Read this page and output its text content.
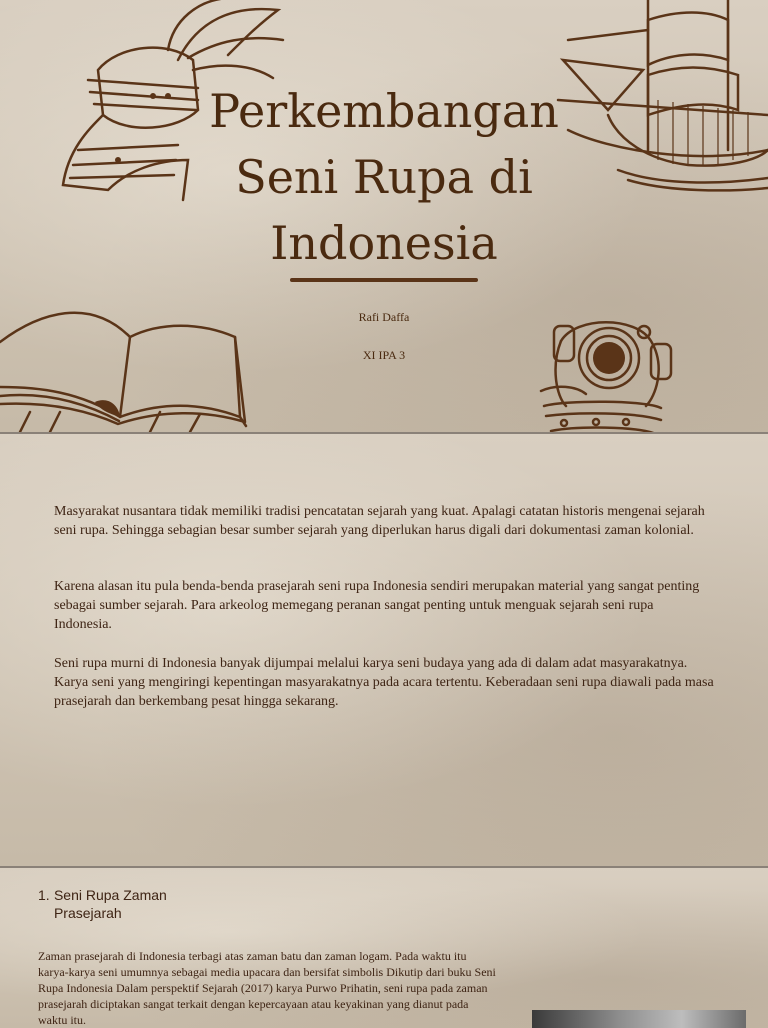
Perkembangan
Seni Rupa di
Indonesia
Rafi Daffa
XI IPA 3

Masyarakat nusantara tidak memiliki tradisi pencatatan sejarah yang kuat. Apalagi catatan historis mengenai sejarah seni rupa. Sehingga sebagian besar sumber sejarah yang diperlukan harus digali dari dokumentasi zaman kolonial.

Karena alasan itu pula benda-benda prasejarah seni rupa Indonesia sendiri merupakan material yang sangat penting sebagai sumber sejarah. Para arkeolog memegang peranan sangat penting untuk menguak sejarah seni rupa Indonesia.

Seni rupa murni di Indonesia banyak dijumpai melalui karya seni budaya yang ada di dalam adat masyarakatnya. Karya seni yang mengiringi kepentingan masyarakatnya pada acara tertentu. Keberadaan seni rupa diawali pada masa prasejarah dan berkembang pesat hingga sekarang.

1. Seni Rupa Zaman Prasejarah

Zaman prasejarah di Indonesia terbagi atas zaman batu dan zaman logam. Pada waktu itu karya-karya seni umumnya sebagai media upacara dan bersifat simbolis Dikutip dari buku Seni Rupa Indonesia Dalam perspektif Sejarah (2017) karya Purwo Prihatin, seni rupa pada zaman prasejarah diciptakan sangat terkait dengan kepercayaan atau keyakinan yang dianut pada waktu itu.
